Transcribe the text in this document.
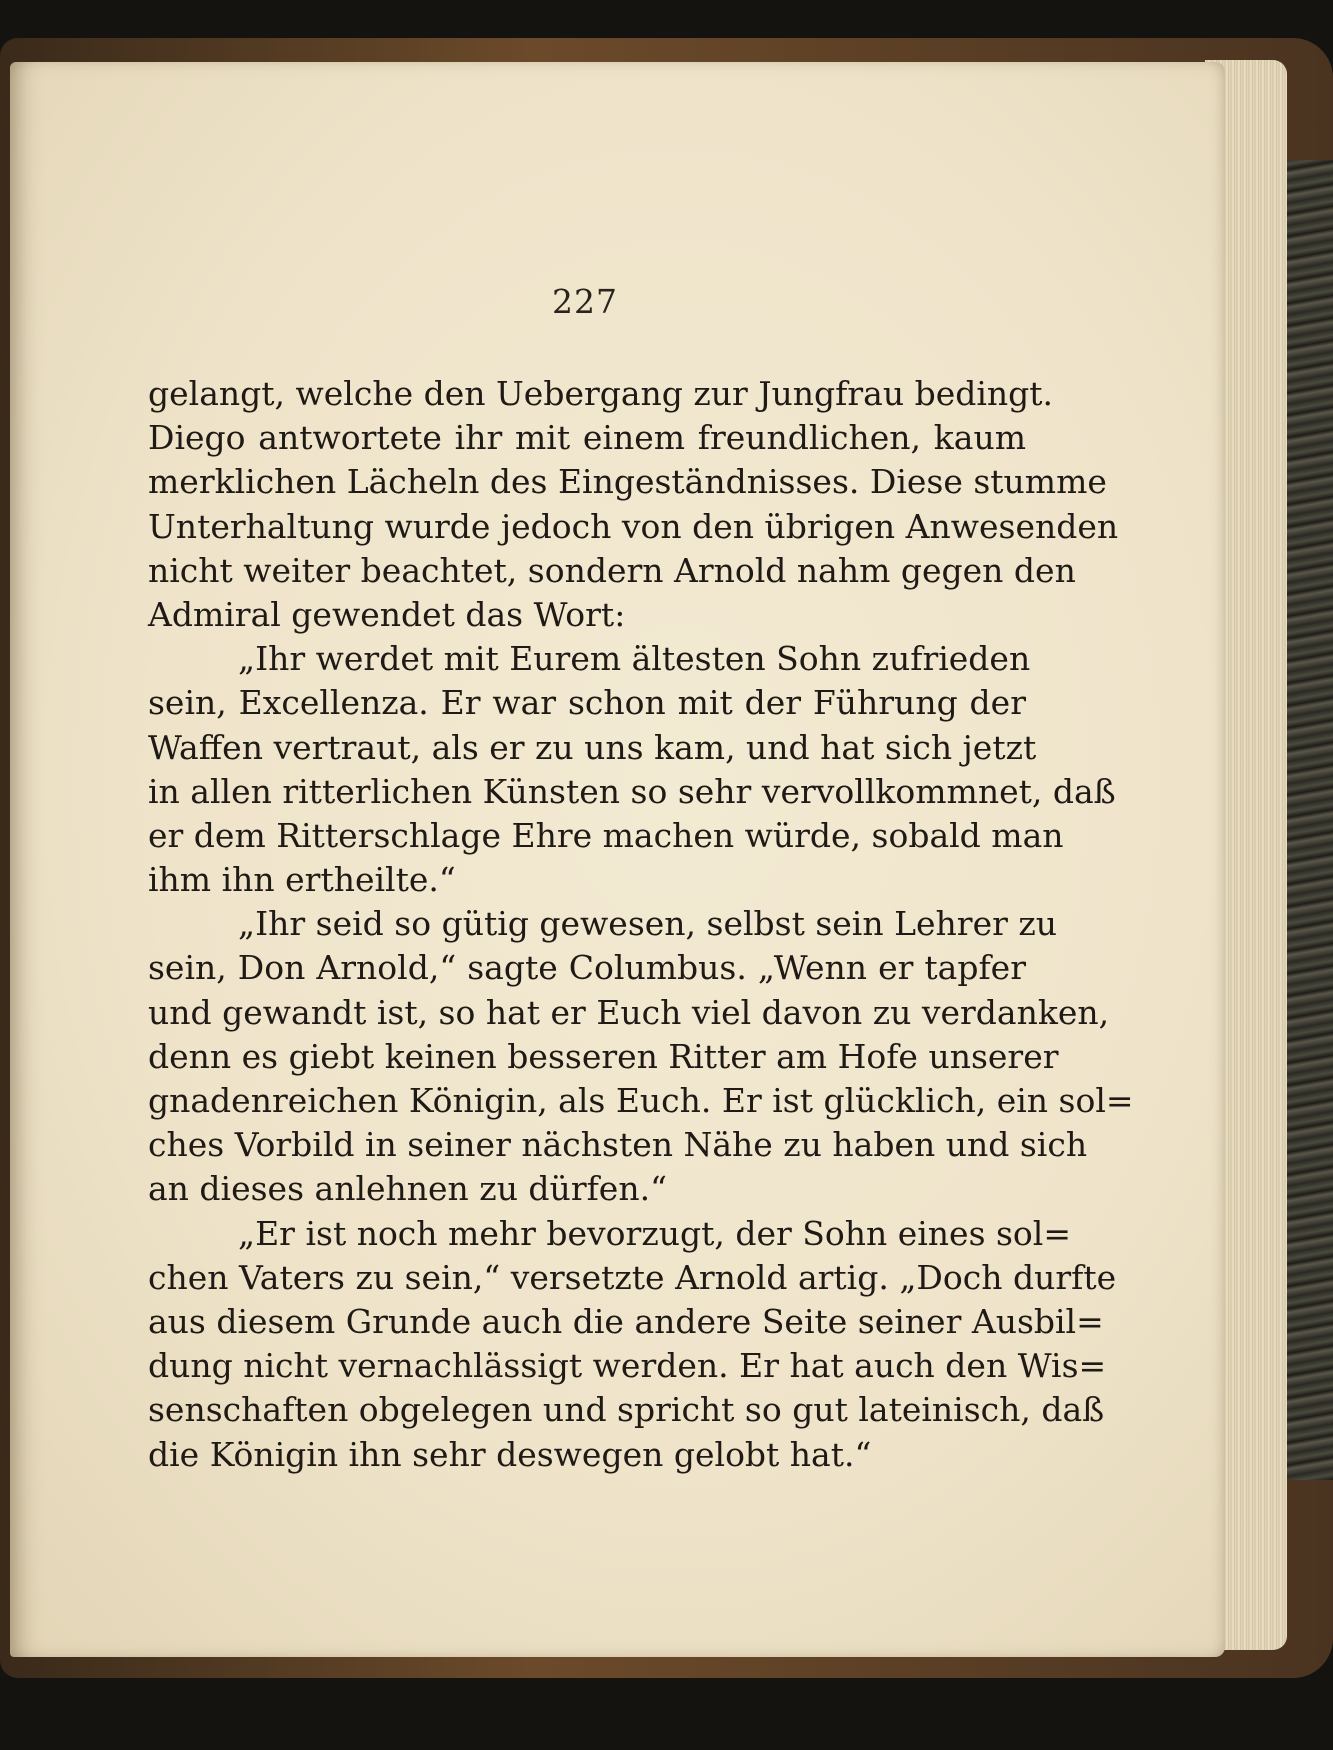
227
gelangt, welche den Uebergang zur Jungfrau bedingt.
Diego antwortete ihr mit einem freundlichen, kaum
merklichen Lächeln des Eingeständnisses. Diese stumme
Unterhaltung wurde jedoch von den übrigen Anwesenden
nicht weiter beachtet, sondern Arnold nahm gegen den
Admiral gewendet das Wort:
„Ihr werdet mit Eurem ältesten Sohn zufrieden
sein, Excellenza. Er war schon mit der Führung der
Waffen vertraut, als er zu uns kam, und hat sich jetzt
in allen ritterlichen Künsten so sehr vervollkommnet, daß
er dem Ritterschlage Ehre machen würde, sobald man
ihm ihn ertheilte.“
„Ihr seid so gütig gewesen, selbst sein Lehrer zu
sein, Don Arnold,“ sagte Columbus. „Wenn er tapfer
und gewandt ist, so hat er Euch viel davon zu verdanken,
denn es giebt keinen besseren Ritter am Hofe unserer
gnadenreichen Königin, als Euch. Er ist glücklich, ein sol=
ches Vorbild in seiner nächsten Nähe zu haben und sich
an dieses anlehnen zu dürfen.“
„Er ist noch mehr bevorzugt, der Sohn eines sol=
chen Vaters zu sein,“ versetzte Arnold artig. „Doch durfte
aus diesem Grunde auch die andere Seite seiner Ausbil=
dung nicht vernachlässigt werden. Er hat auch den Wis=
senschaften obgelegen und spricht so gut lateinisch, daß
die Königin ihn sehr deswegen gelobt hat.“
